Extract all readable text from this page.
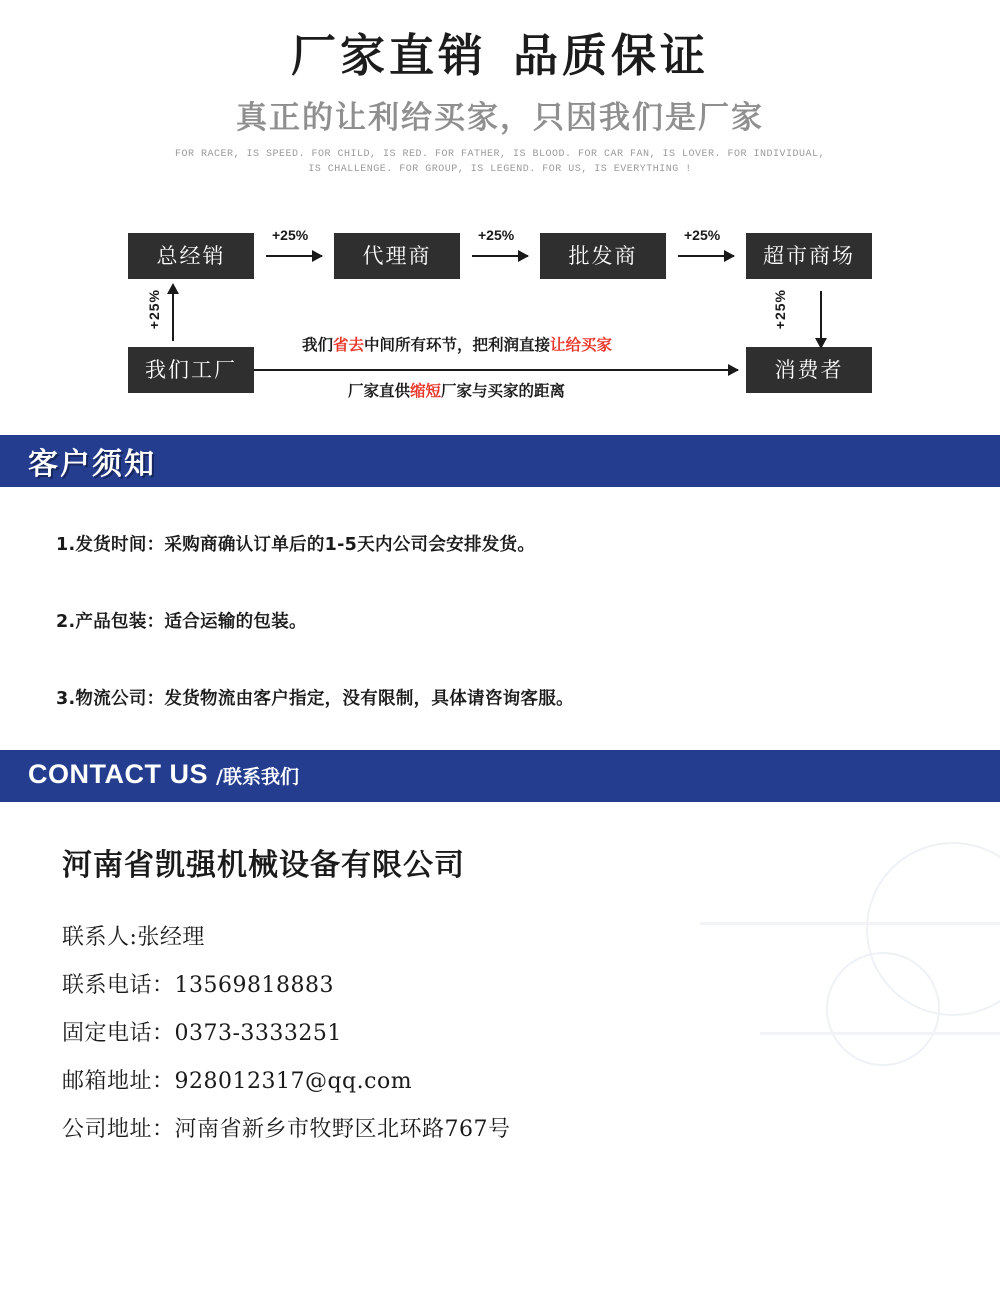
厂家直销 品质保证
真正的让利给买家，只因我们是厂家
FOR RACER, IS SPEED. FOR CHILD, IS RED. FOR FATHER, IS BLOOD. FOR CAR FAN, IS LOVER. FOR INDIVIDUAL,
IS CHALLENGE. FOR GROUP, IS LEGEND. FOR US, IS EVERYTHING !
总经销	代理商	批发商	超市商场
我们工厂	消费者
+25%	+25%	+25%
+25%	+25%
我们省去中间所有环节，把利润直接让给买家
厂家直供缩短厂家与买家的距离
客户须知
1.发货时间：采购商确认订单后的1-5天内公司会安排发货。
2.产品包装：适合运输的包装。
3.物流公司：发货物流由客户指定，没有限制，具体请咨询客服。
CONTACT US /联系我们
河南省凯强机械设备有限公司
联系人:张经理
联系电话：13569818883
固定电话：0373-3333251
邮箱地址：928012317@qq.com
公司地址：河南省新乡市牧野区北环路767号
